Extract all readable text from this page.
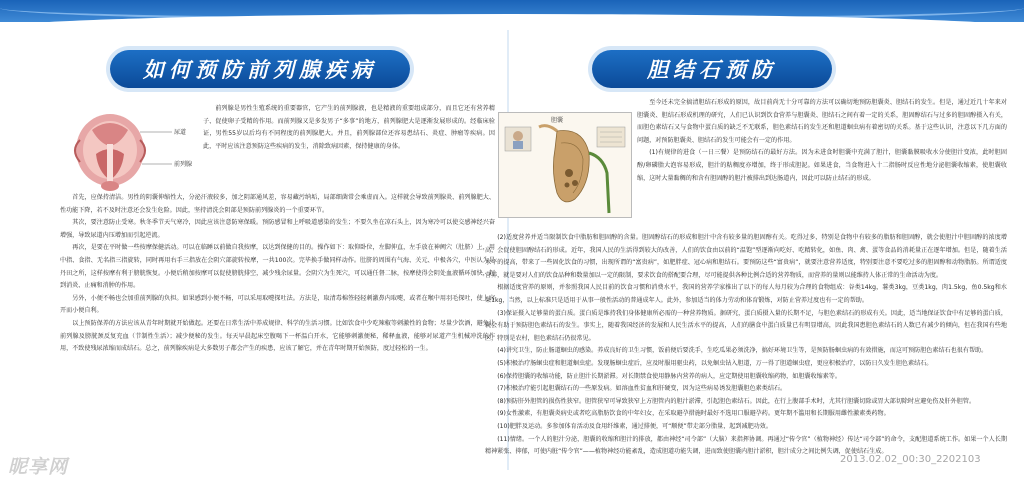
如何预防前列腺疾病	胆结石预防
尿道
前列腺
胆囊

前列腺是男性生殖系统的重要器官，它产生的前列腺液，也是精液的重要组成部分，而且它还有营养精子、促使卵子受精的作用。而前列腺又是多发男子“多事”的地方，前列腺肥大是逐渐发展形成的。经临床验证，男性55岁以后均有不同程度的前列腺肥大。并且，前列腺部位还容易患结石、炎症、肿瘤等疾病。因此，平时应该注意预防这些疾病的发生，消除致病因素，保持健康的身体。

首先，应保持清洁。男性的阴囊伸缩性大，分泌汗液较多，加之阴部通风差，容易藏污纳垢，局部细菌常会乘虚而入。这样就会导致前列腺炎、前列腺肥大、性功能下降，若不及时注意还会发生危险。因此，坚持清洗会阴部是预防前列腺炎的一个重要环节。

其次，要注意防止受寒。秋冬季节天气寒冷，因此应该注意防寒保暖。预防感冒和上呼吸道感染的发生；不要久坐在凉石头上，因为寒冷可以使交感神经兴奋增强，导致尿道内压增加而引起逆流。

再次，是要在平时做一些按摩保健活动。可以在临睡以前做自我按摩，以达到保健的目的。操作如下：取仰卧位，左脚伸直，左手放在神阙穴（肚脐）上，用中指、食指、无名指三指旋转，同时再用右手三指放在会阴穴部旋转按摩，一共100次。完毕换手做同样动作。肚脐的周围有气海、关元、中极各穴，中医认为是丹田之所，这样按摩有利于膀胱恢复。小便后稍加按摩可以促使膀胱排空，减少残余尿量。会阴穴为生死穴，可以通任督二脉，按摩使得会阴处血液循环加快，起到消炎、止痛和消肿的作用。

另外，小便不畅也会加重前列腺的负担。如果感到小便不畅，可以采用取嚏探吐法。方法是，取清毒棉签轻轻刺激鼻内取嚏，或者在喉中用羽毛探吐，使上窍开而小便自利。

以上预防保养的方法应该从青年时期就开始做起。还要在日常生活中养成规律、科学的生活习惯。比如饮食中少吃辣椒等刺激性的食物；尽量少饮酒，避免让前列腺及膀胱颈反复充血（节制性生活）；减少便秘的发生。每天早晨起床空腹喝下一杯温白开水，它能够刺激便秘，稀释血液，能够对尿道产生机械冲洗的作用，不致使残尿浓缩而成结石。总之，前列腺疾病是大多数男子都会产生的疾患，应该了解它，并在青年时期开始预防，度过轻松的一生。

至今还未完全搞清胆结石形成的原因，故目前尚无十分可靠的方法可以确切地预防胆囊炎、胆结石的发生。但是，通过近几十年来对胆囊炎、胆结石形成机理的研究，人们已认识到饮食营养与胆囊炎、胆结石之间有着一定的关系，胆固醇结石与过多的胆固醇摄入有关，而胆色素结石又与食物中蛋白质的缺乏不无联系，胆色素结石的发生还和胆道蛔虫病有着密切的关系。基于这些认识，注意以下几方面的问题，对预防胆囊炎、胆结石的发生可能会有一定的作用。

(1)有规律的进食（一日三餐）是预防结石的最好方法。因为未进食时胆囊中充满了胆汁，胆囊黏膜吸收水分使胆汁变浓，此时胆固醇/卵磷脂大泡容易形成，胆汁的粘稠度亦增加，终于形成胆泥。如果进食，当食物进入十二指肠时反应性地分泌胆囊收缩素，使胆囊收缩，这时大量黏稠的和含有胆固醇的胆汁被排出到达肠道内，因此可以防止结石的形成。

(2)适度营养并适当限制饮食中脂肪和胆固醇的含量。胆固醇结石的形成和胆汁中含有较多量的胆固醇有关。吃得过多，特别是食物中有较多的脂肪和胆固醇，就会使胆汁中胆固醇的浓度增高，会促使胆固醇结石的形成。近年，我国人民的生活得到较大的改善，人们的饮食由以前的“温饱”型逐渐向吃好、吃精转化，如鱼、肉、禽、蛋等食品的消耗量正在逐年增加。但是，随着生活水平的提高，带来了一些固化饮食的习惯，出现所谓的“富贵病”，如肥胖症、冠心病和胆结石。要预防这些“富贵病”，就要注意营养适度，特别要注意不要吃过多的胆固醇和动物脂肪。所谓适度营养，就是要对人们的饮食品种和数量加以一定的限制，要求饮食的搭配要合理，尽可能提供各种比例合适的营养物质，而营养的量则以能维持人体正常的生命活动为度。

根据适度营养的原则，并参照我国人民目前的饮食习惯和消费水平，我国的营养学家推出了以下的每人每月较为合理的食物组成：谷类14kg，薯类3kg，豆类1kg，肉1.5kg，鱼0.5kg和水果1kg，当然，以上标准只是适用于从事一般性活动的普通成年人。此外，参加适当的体力劳动和体育锻炼，对防止营养过度也有一定的帮助。

(3)保证摄入足够量的蛋白质。蛋白质是维持我们身体健康所必需的一种营养物质。据研究，蛋白质摄入量的长期不足，与胆色素结石的形成有关。因此，适当地保证饮食中有足够的蛋白质，就会有助于预防胆色素结石的发生。事实上，随着我国经济的发展和人民生活水平的提高，人们的膳食中蛋白质量已有明显增高，因此我国患胆色素结石的人数已有减少的倾向，但在我国有些地区，特别是农村，胆色素结石仍很常见。

(4)讲究卫生，防止肠道蛔虫的感染。养成良好的卫生习惯，饭前便后要洗手，生吃瓜果必须洗净，搞好环境卫生等，是预防肠蛔虫病的有效措施，而这可预防胆色素结石也很有帮助。

(5)积极治疗肠蛔虫症和胆道蛔虫症。发现肠蛔虫症后，应及时服用驱虫药，以免蛔虫钻入胆道，万一得了胆道蛔虫症，更应积极治疗，以防日久发生胆色素结石。

(6)保持胆囊的收缩功能，防止胆汁长期淤滞。对长期禁食使用静脉内营养的病人，应定期使用胆囊收缩药物，如胆囊收缩素等。

(7)积极治疗能引起胆囊结石的一些原发病。如溶血性贫血和肝硬变，因为这些病易诱发胆囊胆色素类结石。

(8)预防肝外胆管的损伤性狭窄。胆管狭窄可导致狭窄上方胆管内的胆汁淤滞，引起胆色素结石。因此，在行上腹部手术时，尤其行胆囊切除或胃大部切除时应避免伤及肝外胆管。

(9)女性激素，有胆囊炎病史或者吃高脂肪饮食的中年妇女，在采取避孕措施时最好不选用口服避孕药。更年期不滥用和长期服用雌性激素类药物。

(10)肥胖及运动。多参加体育活动及食用纤维素，通过排便，可“顺便”带走部分脂量，起到减肥功效。

(11)情绪。一个人的胆汁分泌，胆囊的收缩和胆汁的排放，都由神经“司令部”（大脑）来指挥协调。再通过“传令官”（植物神经）传达“司令部”的命令，支配胆道系统工作。如果一个人长期精神紧张、抑郁，可使内脏“传令官”——植物神经功能紊乱，造成胆道功能失调，进而致使胆囊内胆汁淤积，胆汁成分之间比例失调，促使结石生成。

昵享网	2013.02.02_00:30_2202103
